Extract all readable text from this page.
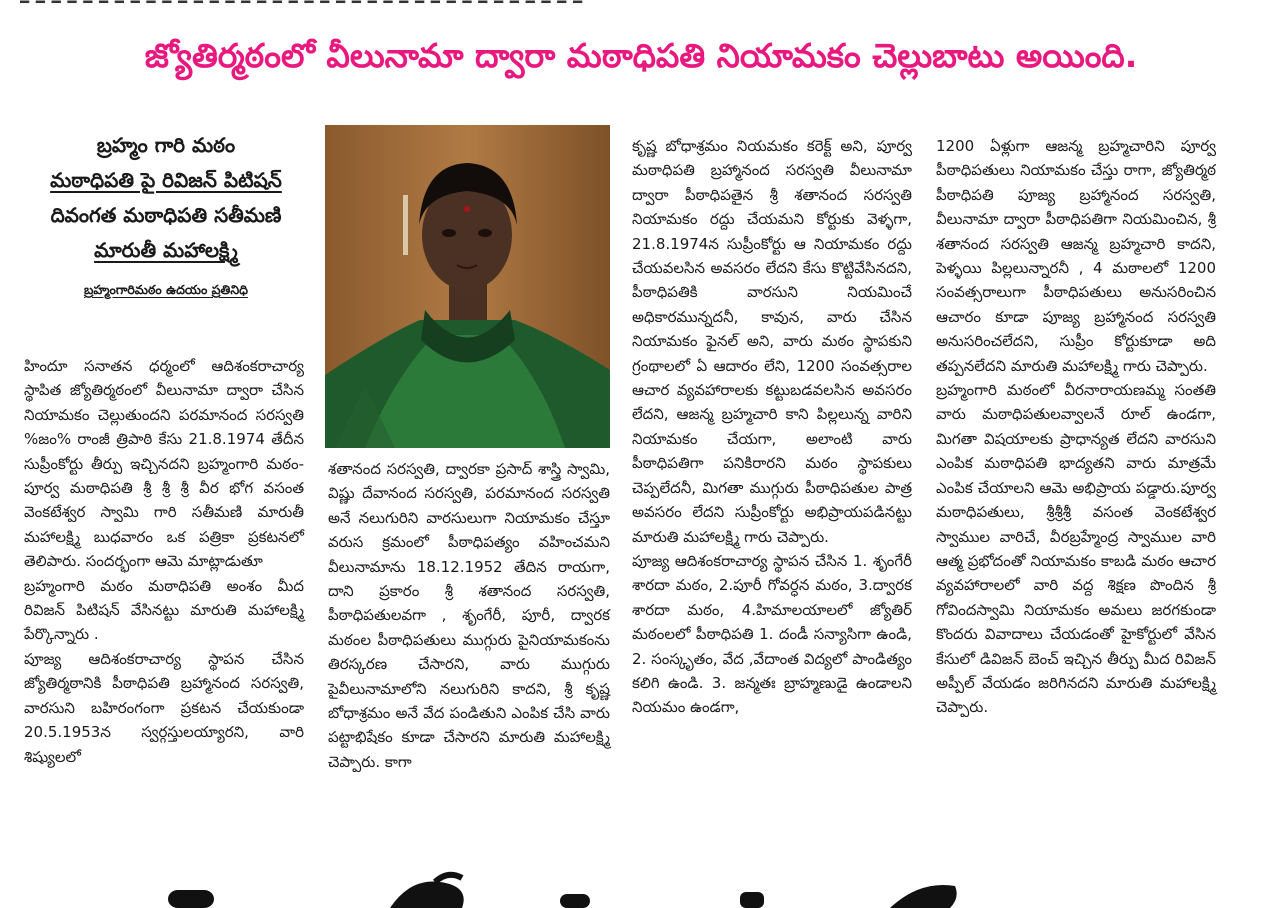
జ్యోతిర్మఠంలో వీలునామా ద్వారా మఠాధిపతి నియామకం చెల్లుబాటు అయింది.
బ్రహ్మం గారి మఠం
మఠాధిపతి పై రివిజన్ పిటిషన్
దివంగత మఠాధిపతి సతీమణి
మారుతీ మహాలక్ష్మి
బ్రహ్మంగారిమఠం ఉదయం ప్రతినిధి

హిందూ సనాతన ధర్మంలో ఆదిశంకరాచార్య స్థాపిత జ్యోతిర్మఠంలో వీలునామా ద్వారా చేసిన నియామకం చెల్లుతుందని పరమానంద సరస్వతి %జం% రాంజీ త్రిపాఠి కేసు 21.8.1974 తేదీన సుప్రీంకోర్టు తీర్పు ఇచ్చినదని బ్రహ్మంగారి మఠం- పూర్వ మఠాధిపతి శ్రీ శ్రీ శ్రీ వీర భోగ వసంత వెంకటేశ్వర స్వామి గారి సతీమణి మారుతీ మహాలక్ష్మి బుధవారం ఒక పత్రికా ప్రకటనలో తెలిపారు. సందర్భంగా ఆమె మాట్లాడుతూ

బ్రహ్మంగారి మఠం మఠాధిపతి అంశం మీద రివిజన్ పిటిషన్ వేసినట్టు మారుతి మహాలక్ష్మి పేర్కొన్నారు .

పూజ్య ఆదిశంకరాచార్య స్థాపన చేసిన జ్యోతిర్మఠానికి పీఠాధిపతి బ్రహ్మానంద సరస్వతి, వారసుని బహిరంగంగా ప్రకటన చేయకుండా 20.5.1953న స్వర్గస్తులయ్యారని, వారి శిష్యులలో

శతానంద సరస్వతి, ద్వారకా ప్రసాద్ శాస్త్రి స్వామి, విష్ణు దేవానంద సరస్వతి, పరమానంద సరస్వతి అనే నలుగురిని వారసులుగా నియామకం చేస్తూ వరుస క్రమంలో పీఠాధిపత్యం వహించమని వీలునామాను 18.12.1952 తేదిన రాయగా, దాని ప్రకారం శ్రీ శతానంద సరస్వతి, పీఠాధిపతులవగా , శృంగేరీ, పూరీ, ద్వారక మఠంల పీఠాధిపతులు ముగ్గురు పైనియామకంను తిరస్కరణ చేసారని, వారు ముగ్గురు పైవీలునామాలోని నలుగురిని కాదని, శ్రీ కృష్ణ బోధాశ్రమం అనే వేద పండితుని ఎంపిక చేసి వారు పట్టాభిషేకం కూడా చేసారని మారుతి మహాలక్ష్మి చెప్పారు. కాగా

కృష్ణ బోధాశ్రమం నియమకం కరెక్ట్ అని, పూర్వ మఠాధిపతి బ్రహ్మానంద సరస్వతి వీలునామా ద్వారా పీఠాధిపతైన శ్రీ శతానంద సరస్వతి నియామకం రద్దు చేయమని కోర్టుకు వెళ్ళగా, 21.8.1974న సుప్రీంకోర్టు ఆ నియామకం రద్దు చేయవలసిన అవసరం లేదని కేసు కొట్టివేసినదని, పీఠాధిపతికి వారసుని నియమించే అధికారమున్నదనీ, కావున, వారు చేసిన నియామకం ఫైనల్ అని, వారు మఠం స్థాపకుని గ్రంథాలలో ఏ ఆదారం లేని, 1200 సంవత్సరాల ఆచార వ్యవహారాలకు కట్టుబడవలసిన అవసరం లేదని, ఆజన్మ బ్రహ్మచారి కాని పిల్లలున్న వారిని నియామకం చేయగా, అలాంటి వారు పీఠాధిపతిగా పనికిరారని మఠం స్థాపకులు చెప్పలేదనీ, మిగతా ముగ్గురు పీఠాధిపతుల పాత్ర అవసరం లేదని సుప్రీంకోర్టు అభిప్రాయపడినట్టు మారుతి మహాలక్ష్మి గారు చెప్పారు.

పూజ్య ఆదిశంకరాచార్య స్థాపన చేసిన 1. శృంగేరీ శారదా మఠం, 2.పూరీ గోవర్ధన మఠం, 3.ద్వారక శారదా మఠం, 4.హిమాలయాలలో జ్యోతిర్ మఠంలలో పీఠాధిపతి 1. దండీ సన్యాసిగా ఉండి, 2. సంస్కృతం, వేద ,వేదాంత విద్యలో పాండిత్యం కలిగి ఉండి. 3. జన్మతః బ్రాహ్మణుడై ఉండాలని నియమం ఉండగా,

1200 ఏళ్లుగా ఆజన్మ బ్రహ్మచారిని పూర్వ పీఠాధిపతులు నియామకం చేస్తు రాగా, జ్యోతిర్మఠ పీఠాధిపతి పూజ్య బ్రహ్మానంద సరస్వతి, వీలునామా ద్వారా పీఠాధిపతిగా నియమించిన, శ్రీ శతానంద సరస్వతి ఆజన్మ బ్రహ్మచారి కాదని, పెళ్ళయి పిల్లలున్నారనీ , 4 మఠాలలో 1200 సంవత్సరాలుగా పీఠాధిపతులు అనుసరించిన ఆచారం కూడా పూజ్య బ్రహ్మానంద సరస్వతి అనుసరించలేదని, సుప్రీం కోర్టుకూడా అది తప్పనలేదని మారుతి మహాలక్ష్మి గారు చెప్పారు.

బ్రహ్మంగారి మఠంలో వీరనారాయణమ్మ సంతతి వారు మఠాధిపతులవ్వాలనే రూల్ ఉండగా, మిగతా విషయాలకు ప్రాధాన్యత లేదని వారసుని ఎంపిక మఠాధిపతి భాద్యతని వారు మాత్రమే ఎంపిక చేయాలని ఆమె అభిప్రాయ పడ్డారు.పూర్వ మఠాధిపతులు, శ్రీశ్రీశ్రీ వసంత వెంకటేశ్వర స్వాముల వారిచే, వీరబ్రహ్మేంద్ర స్వాముల వారి ఆత్మ ప్రభోదంతో నియామకం కాబడి మఠం ఆచార వ్యవహారాలలో వారి వద్ద శిక్షణ పొందిన శ్రీ గోవిందస్వామి నియామకం అమలు జరగకుండా కొందరు వివాదాలు చేయడంతో హైకోర్టులో వేసిన కేసులో డివిజన్ బెంచ్ ఇచ్చిన తీర్పు మీద రివిజన్ అప్పీల్ వేయడం జరిగినదని మారుతి మహాలక్ష్మి చెప్పారు.
